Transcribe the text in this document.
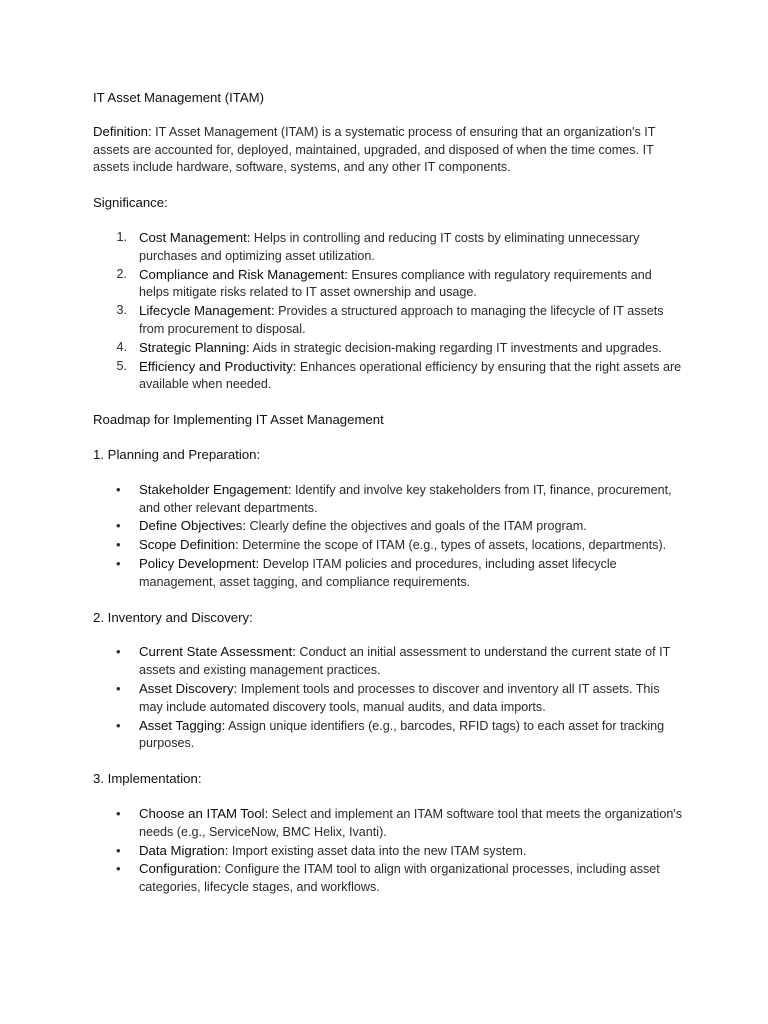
IT Asset Management (ITAM)

Definition: IT Asset Management (ITAM) is a systematic process of ensuring that an organization's IT assets are accounted for, deployed, maintained, upgraded, and disposed of when the time comes. IT assets include hardware, software, systems, and any other IT components.

Significance:

1. Cost Management: Helps in controlling and reducing IT costs by eliminating unnecessary purchases and optimizing asset utilization.
2. Compliance and Risk Management: Ensures compliance with regulatory requirements and helps mitigate risks related to IT asset ownership and usage.
3. Lifecycle Management: Provides a structured approach to managing the lifecycle of IT assets from procurement to disposal.
4. Strategic Planning: Aids in strategic decision-making regarding IT investments and upgrades.
5. Efficiency and Productivity: Enhances operational efficiency by ensuring that the right assets are available when needed.

Roadmap for Implementing IT Asset Management

1. Planning and Preparation:

• Stakeholder Engagement: Identify and involve key stakeholders from IT, finance, procurement, and other relevant departments.
• Define Objectives: Clearly define the objectives and goals of the ITAM program.
• Scope Definition: Determine the scope of ITAM (e.g., types of assets, locations, departments).
• Policy Development: Develop ITAM policies and procedures, including asset lifecycle management, asset tagging, and compliance requirements.

2. Inventory and Discovery:

• Current State Assessment: Conduct an initial assessment to understand the current state of IT assets and existing management practices.
• Asset Discovery: Implement tools and processes to discover and inventory all IT assets. This may include automated discovery tools, manual audits, and data imports.
• Asset Tagging: Assign unique identifiers (e.g., barcodes, RFID tags) to each asset for tracking purposes.

3. Implementation:

• Choose an ITAM Tool: Select and implement an ITAM software tool that meets the organization's needs (e.g., ServiceNow, BMC Helix, Ivanti).
• Data Migration: Import existing asset data into the new ITAM system.
• Configuration: Configure the ITAM tool to align with organizational processes, including asset categories, lifecycle stages, and workflows.
